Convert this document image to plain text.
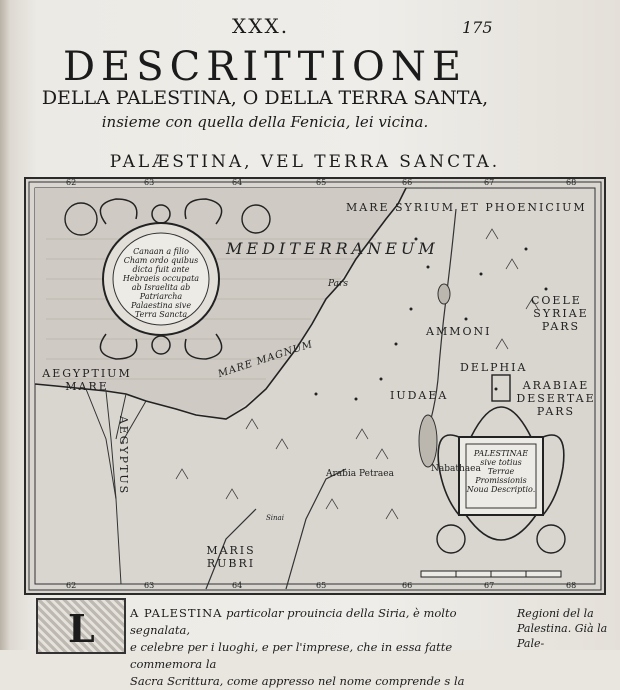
XXX.	175
DESCRITTIONE
DELLA PALESTINA, O DELLA TERRA SANTA,
insieme con quella della Fenicia, lei vicina.
PALÆSTINA, VEL TERRA SANCTA.
62	63	64	65	66	67	68
62	63	64	65	66	67	68
MARE SYRIUM ET PHOENICIUM
MARE MAGNUM
MEDITERRANEUM
AEGYPTIUM MARE
SYRIAE PARS
COELE
ARABIAE DESERTAE PARS
AMMONI
IUDAEA
AEGYPTUS
MARIS RUBRI
Nabathaea
Pars
Arabia Petraea
DELPHIA
Sinai
Canaan a filio Cham ordo quibus dicta fuit ante Hebraeis occupata ab Israelita ab Patriarcha Palaestina sive Terra Sancta
PALESTINAE sive totius Terrae Promissionis Noua Descriptio.
L	A PALESTINA particolar prouincia della Siria, è molto segnalata,
e celebre per i luoghi, e per l'imprese, che in essa fatte commemora la
Sacra Scrittura, come appresso nel nome comprende s la
Regioni del la Palestina. Già la Pale-
